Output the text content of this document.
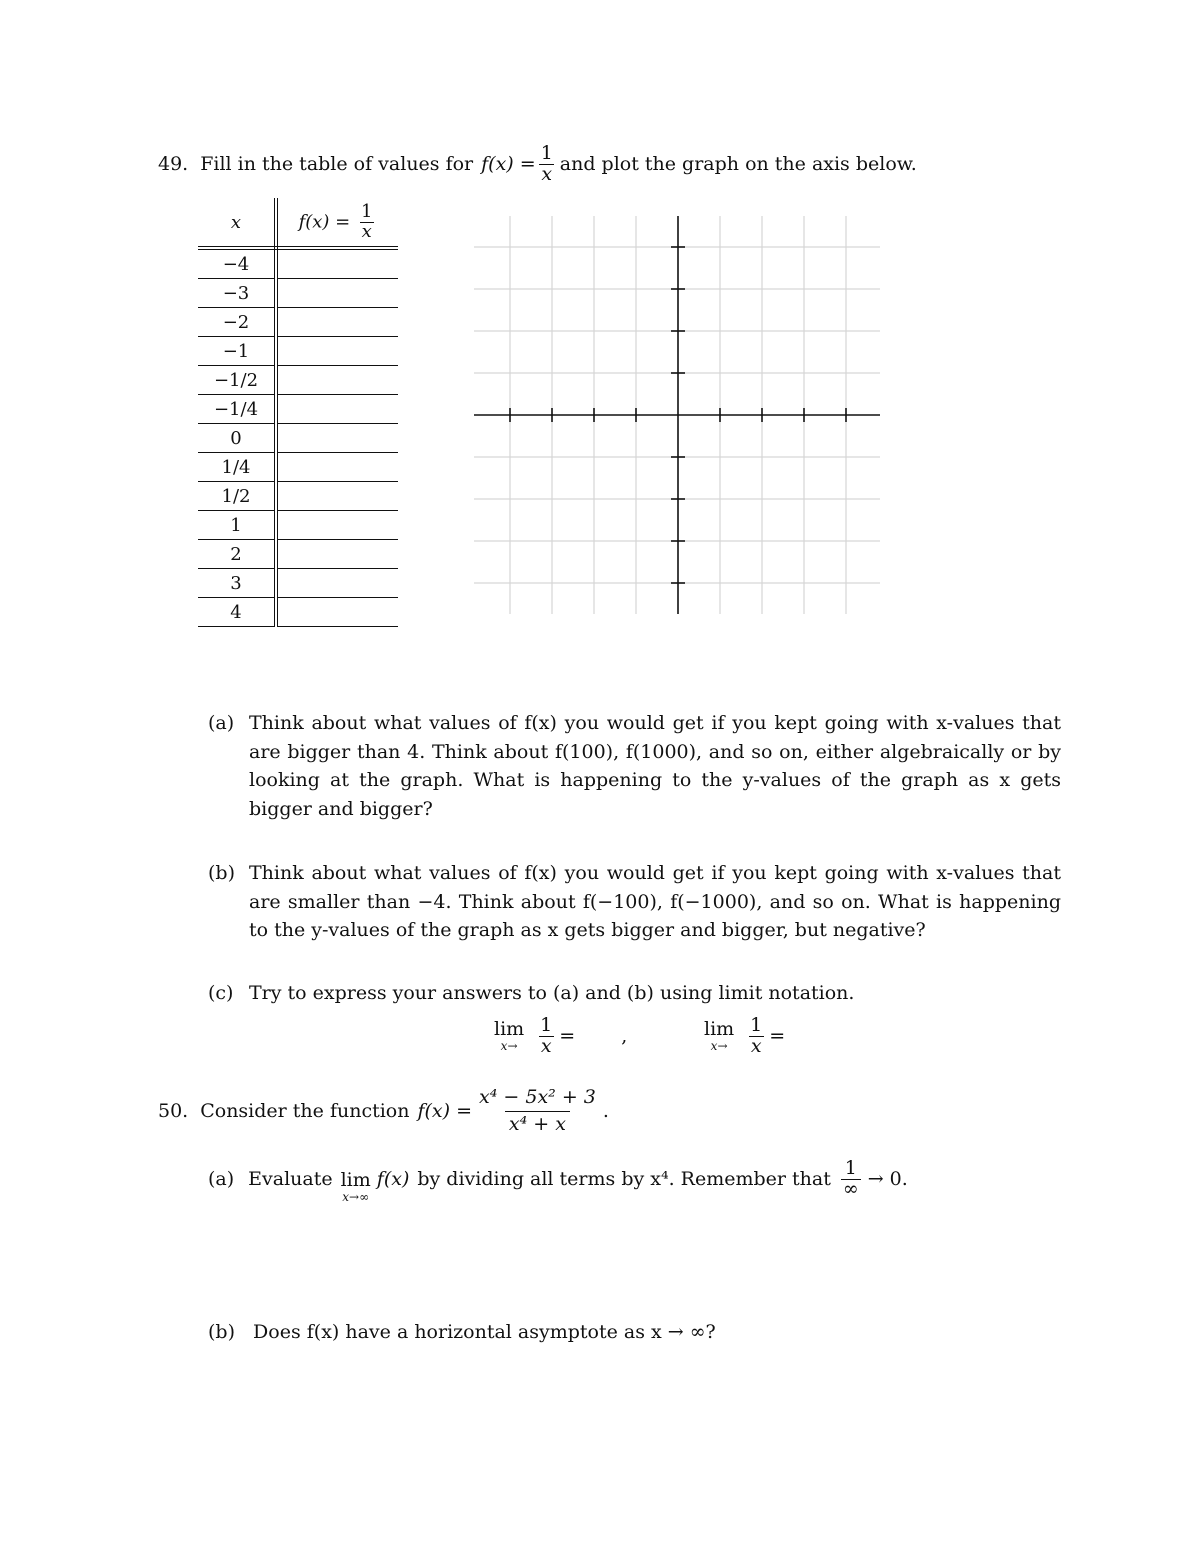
49. Fill in the table of values for $f(x) = \frac{1}{x}$ and plot the graph on the axis below.
x	$f(x) = \frac{1}{x}$

−4	
−3	
−2	
−1	
−1/2	
−1/4	
0	
1/4	
1/2	
1	
2	
3	
4	
(a) Think about what values of f(x) you would get if you kept going with x-values that are bigger than 4. Think about f(100), f(1000), and so on, either algebraically or by looking at the graph. What is happening to the y-values of the graph as x gets bigger and bigger?
(b) Think about what values of f(x) you would get if you kept going with x-values that are smaller than −4. Think about f(−100), f(−1000), and so on. What is happening to the y-values of the graph as x gets bigger and bigger, but negative?
(c) Try to express your answers to (a) and (b) using limit notation.
lim
$x\to \frac{1}{x}$ = ,	lim
$x\to \frac{1}{x}$ =
50. Consider the function $f(x) = \frac{\text{x⁴ − 5x² + 3}}{\text{x⁴ + x}}$ .
(a) Evaluate lim
x→∞
f(x) by dividing all terms by x⁴. Remember that $\frac{1}{\infty} \to 0$.
(b) Does f(x) have a horizontal asymptote as x → ∞?
